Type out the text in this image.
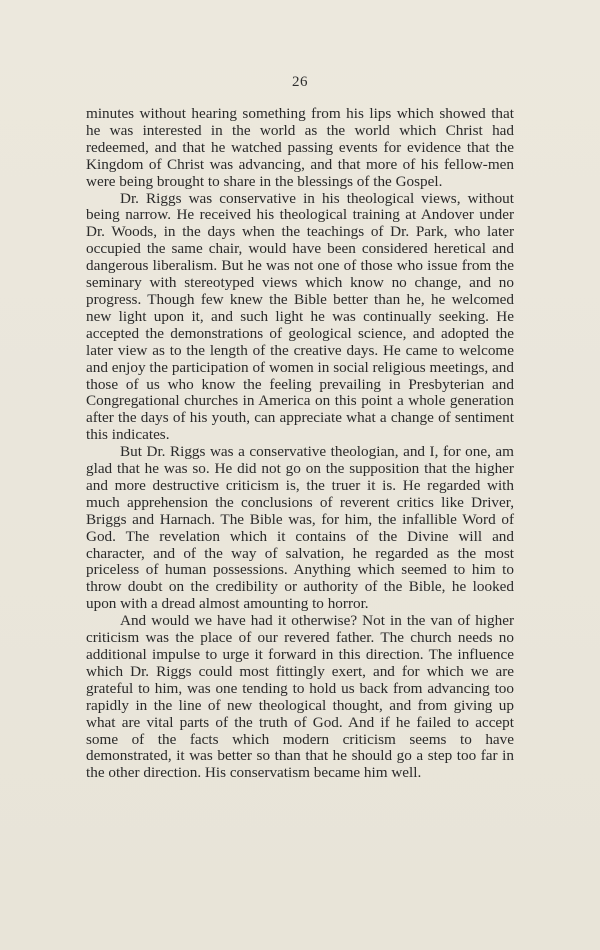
26

minutes without hearing something from his lips which showed that he was interested in the world as the world which Christ had redeemed, and that he watched passing events for evidence that the Kingdom of Christ was advancing, and that more of his fellow-men were being brought to share in the blessings of the Gospel.

Dr. Riggs was conservative in his theological views, without being narrow. He received his theological training at Andover under Dr. Woods, in the days when the teachings of Dr. Park, who later occupied the same chair, would have been considered heretical and dangerous liberalism. But he was not one of those who issue from the seminary with stereotyped views which know no change, and no progress. Though few knew the Bible better than he, he welcomed new light upon it, and such light he was continually seeking. He accepted the demonstrations of geological science, and adopted the later view as to the length of the creative days. He came to welcome and enjoy the participation of women in social religious meetings, and those of us who know the feeling prevailing in Presbyterian and Congregational churches in America on this point a whole generation after the days of his youth, can appreciate what a change of sentiment this indicates.

But Dr. Riggs was a conservative theologian, and I, for one, am glad that he was so. He did not go on the supposition that the higher and more destructive criticism is, the truer it is. He regarded with much apprehension the conclusions of reverent critics like Driver, Briggs and Harnach. The Bible was, for him, the infallible Word of God. The revelation which it contains of the Divine will and character, and of the way of salvation, he regarded as the most priceless of human possessions. Anything which seemed to him to throw doubt on the credibility or authority of the Bible, he looked upon with a dread almost amounting to horror.

And would we have had it otherwise? Not in the van of higher criticism was the place of our revered father. The church needs no additional impulse to urge it forward in this direction. The influence which Dr. Riggs could most fittingly exert, and for which we are grateful to him, was one tending to hold us back from advancing too rapidly in the line of new theological thought, and from giving up what are vital parts of the truth of God. And if he failed to accept some of the facts which modern criticism seems to have demonstrated, it was better so than that he should go a step too far in the other direction. His conservatism became him well.
